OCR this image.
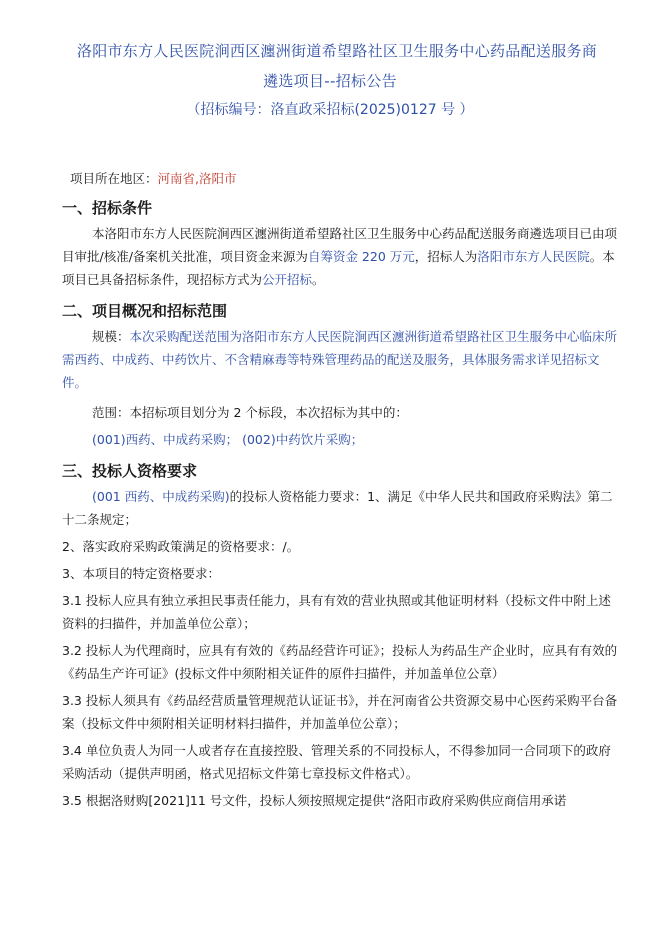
洛阳市东方人民医院涧西区瀍洲街道希望路社区卫生服务中心药品配送服务商
遴选项目--招标公告
（招标编号：洛直政采招标(2025)0127 号 ）
项目所在地区：河南省,洛阳市
一、招标条件

本洛阳市东方人民医院涧西区瀍洲街道希望路社区卫生服务中心药品配送服务商遴选项目已由项目审批/核准/备案机关批准，项目资金来源为自筹资金 220 万元，招标人为洛阳市东方人民医院。本项目已具备招标条件，现招标方式为公开招标。

二、项目概况和招标范围

规模：本次采购配送范围为洛阳市东方人民医院涧西区瀍洲街道希望路社区卫生服务中心临床所需西药、中成药、中药饮片、不含精麻毒等特殊管理药品的配送及服务，具体服务需求详见招标文件。

范围：本招标项目划分为 2 个标段，本次招标为其中的：

(001)西药、中成药采购； (002)中药饮片采购；

三、投标人资格要求

(001 西药、中成药采购)的投标人资格能力要求：1、满足《中华人民共和国政府采购法》第二十二条规定；

2、落实政府采购政策满足的资格要求：/。

3、本项目的特定资格要求：

3.1 投标人应具有独立承担民事责任能力，具有有效的营业执照或其他证明材料（投标文件中附上述资料的扫描件，并加盖单位公章）；

3.2 投标人为代理商时，应具有有效的《药品经营许可证》；投标人为药品生产企业时，应具有有效的《药品生产许可证》(投标文件中须附相关证件的原件扫描件，并加盖单位公章）

3.3 投标人须具有《药品经营质量管理规范认证证书》，并在河南省公共资源交易中心医药采购平台备案（投标文件中须附相关证明材料扫描件，并加盖单位公章）；

3.4 单位负责人为同一人或者存在直接控股、管理关系的不同投标人，不得参加同一合同项下的政府采购活动（提供声明函，格式见招标文件第七章投标文件格式）。

3.5 根据洛财购[2021]11 号文件，投标人须按照规定提供“洛阳市政府采购供应商信用承诺
